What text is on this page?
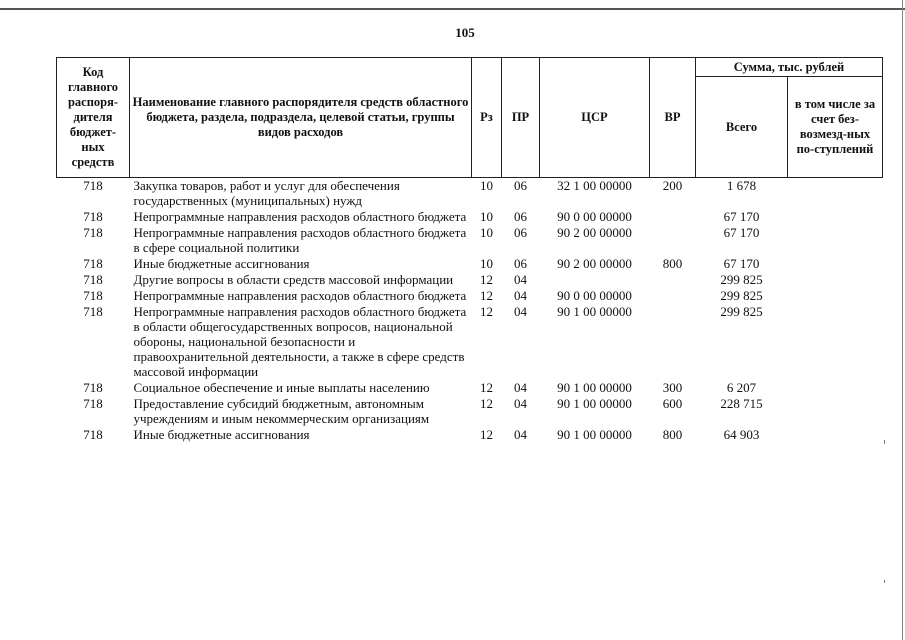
105
Код главного распоря-дителя бюджет-ных средств	Наименование главного распорядителя средств областного бюджета, раздела, подраздела, целевой статьи, группы видов расходов	Рз	ПР	ЦСР	ВР	Сумма, тыс. рублей	
						Всего	в том числе за счет без-возмезд-ных по-ступлений
718	Закупка товаров, работ и услуг для обеспечения государственных (муниципальных) нужд	10	06	32 1 00 00000	200	1 678	
718	Непрограммные направления расходов областного бюджета	10	06	90 0 00 00000		67 170	
718	Непрограммные направления расходов областного бюджета в сфере социальной политики	10	06	90 2 00 00000		67 170	
718	Иные бюджетные ассигнования	10	06	90 2 00 00000	800	67 170	
718	Другие вопросы в области средств массовой информации	12	04			299 825	
718	Непрограммные направления расходов областного бюджета	12	04	90 0 00 00000		299 825	
718	Непрограммные направления расходов областного бюджета в области общегосударственных вопросов, национальной обороны, национальной безопасности и правоохранительной деятельности, а также в сфере средств массовой информации	12	04	90 1 00 00000		299 825	
718	Социальное обеспечение и иные выплаты населению	12	04	90 1 00 00000	300	6 207	
718	Предоставление субсидий бюджетным, автономным учреждениям и иным некоммерческим организациям	12	04	90 1 00 00000	600	228 715	
718	Иные бюджетные ассигнования	12	04	90 1 00 00000	800	64 903	
